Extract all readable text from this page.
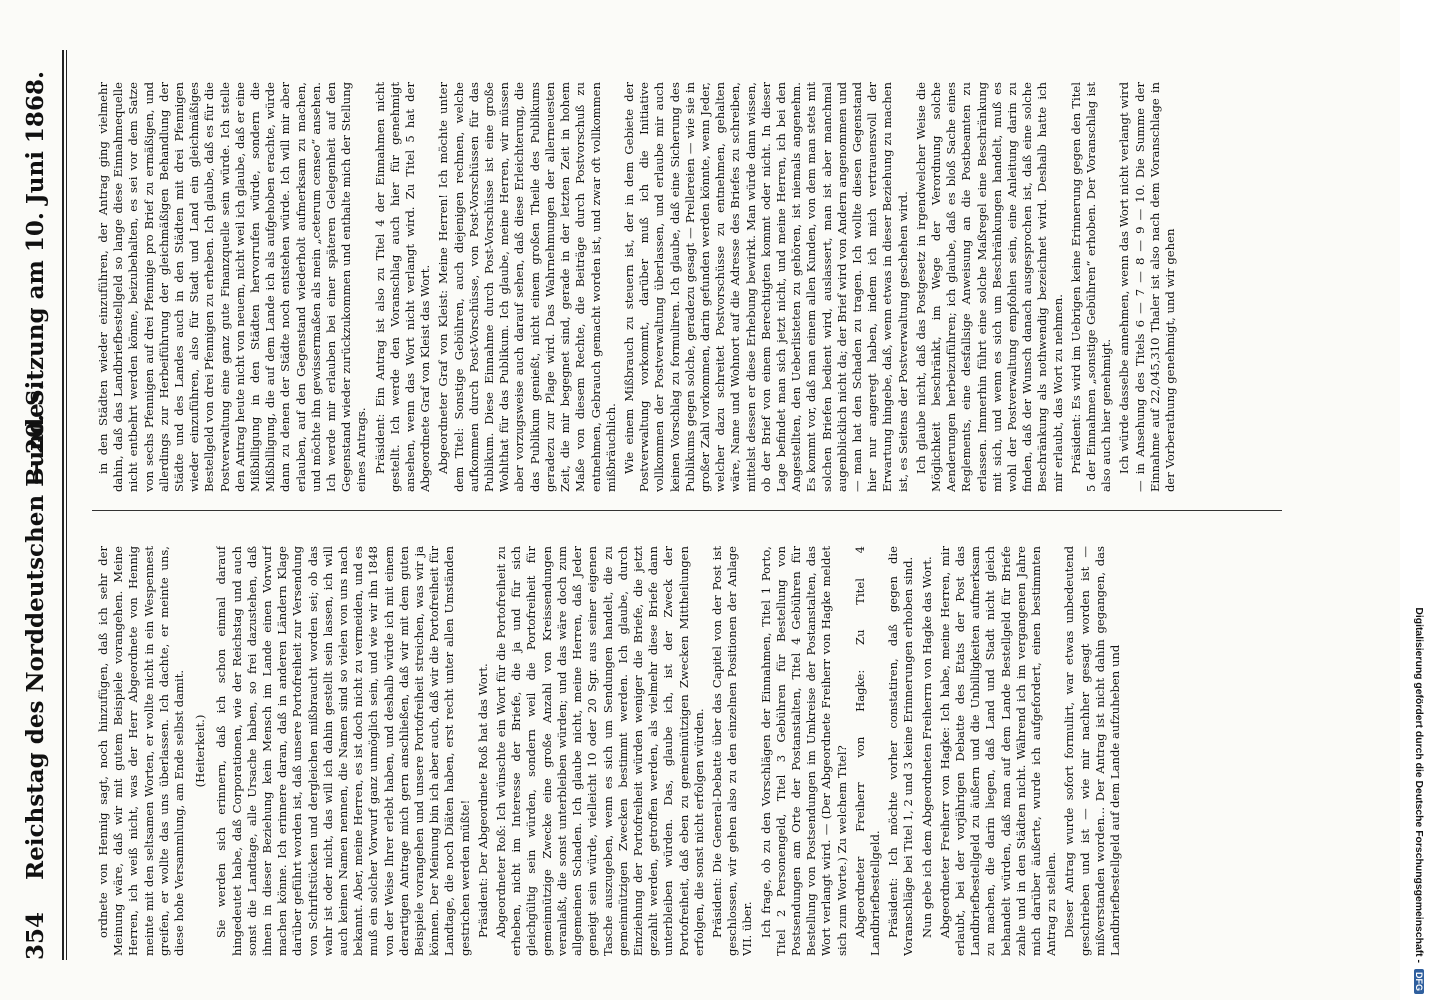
354
Reichstag des Norddeutschen Bundes.
— 20. Sitzung am 10. Juni 1868.

ordnete von Hennig sagt, noch hinzufügen, daß ich sehr der Meinung wäre, daß wir mit gutem Beispiele vorangehen. Meine Herren, ich weiß nicht, was der Herr Abgeordnete von Hennig meinte mit den seltsamen Worten, er wollte nicht in ein Wespennest greifen, er wollte das uns überlassen. Ich dachte, er meinte uns, diese hohe Versammlung, am Ende selbst damit. (Heiterkeit.) Sie werden sich erinnern, daß ich schon einmal darauf hingedeutet habe, daß Corporationen, wie der Reichstag und auch sonst die Landtage, alle Ursache haben, so frei dazustehen, daß ihnen in dieser Beziehung kein Mensch im Lande einen Vorwurf machen könne. Ich erinnere daran, daß in anderen Ländern Klage darüber geführt worden ist, daß unsere Portofreiheit zur Versendung von Schriftstücken und dergleichen mißbraucht worden sei; ob das wahr ist oder nicht, das will ich dahin gestellt sein lassen, ich will auch keinen Namen nennen, die Namen sind so vielen von uns nach bekannt. Aber, meine Herren, es ist doch nicht zu vermeiden, und es muß ein solcher Vorwurf ganz unmöglich sein, und wie wir ihn 1848 von der Weise Ihrer erlebt haben, und deshalb würde ich mit einem derartigen Antrage mich gern anschließen, daß wir mit dem guten Beispiele vorangehen und unsere Portofreiheit streichen, was wir ja können. Der Meinung bin ich aber auch, daß wir die Portofreiheit für Landtage, die noch Diäten haben, erst recht unter allen Umständen gestrichen werden müßte! Präsident: Der Abgeordnete Roß hat das Wort. Abgeordneter Roß: Ich wünschte ein Wort für die Portofreiheit zu erheben, nicht im Interesse der Briefe, die ja und für sich gleichgültig sein würden, sondern weil die Portofreiheit für gemeinnützige Zwecke eine große Anzahl von Kreissendungen veranlaßt, die sonst unterbleiben würden; und das wäre doch zum allgemeinen Schaden. Ich glaube nicht, meine Herren, daß Jeder geneigt sein würde, vielleicht 10 oder 20 Sgr. aus seiner eigenen Tasche auszugeben, wenn es sich um Sendungen handelt, die zu gemeinnützigen Zwecken bestimmt werden. Ich glaube, durch Einziehung der Portofreiheit würden weniger die Briefe, die jetzt gezahlt werden, getroffen werden, als vielmehr diese Briefe dann unterbleiben würden. Das, glaube ich, ist der Zweck der Portofreiheit, daß eben zu gemeinnützigen Zwecken Mittheilungen erfolgen, die sonst nicht erfolgen würden. Präsident: Die General-Debatte über das Capitel von der Post ist geschlossen, wir gehen also zu den einzelnen Positionen der Anlage VII. über. Ich frage, ob zu den Vorschlägen der Einnahmen, Titel 1 Porto, Titel 2 Personengeld, Titel 3 Gebühren für Bestellung von Postsendungen am Orte der Postanstalten, Titel 4 Gebühren für Bestellung von Postsendungen im Umkreise der Postanstalten, das Wort verlangt wird. — (Der Abgeordnete Freiherr von Hagke meldet sich zum Worte.) Zu welchem Titel? Abgeordneter Freiherr von Hagke: Zu Titel 4 Landbriefbestellgeld. Präsident: Ich möchte vorher constatiren, daß gegen die Voranschläge bei Titel 1, 2 und 3 keine Erinnerungen erhoben sind. Nun gebe ich dem Abgeordneten Freiherrn von Hagke das Wort. Abgeordneter Freiherr von Hagke: Ich habe, meine Herren, mir erlaubt, bei der vorjährigen Debatte des Etats der Post das Landbriefbestellgeld zu äußern und die Unbilligkeiten aufmerksam zu machen, die darin liegen, daß Land und Stadt nicht gleich behandelt würden, daß man auf dem Lande Bestellgeld für Briefe zahle und in den Städten nicht. Während ich im vergangenen Jahre mich darüber äußerte, wurde ich aufgefordert, einen bestimmten Antrag zu stellen. Dieser Antrag wurde sofort formulirt, war etwas unbedeutend geschrieben und ist — wie mir nachher gesagt worden ist — mißverstanden worden... Der Antrag ist nicht dahin gegangen, das Landbriefbestellgeld auf dem Lande aufzuheben und

in den Städten wieder einzuführen, der Antrag ging vielmehr dahin, daß das Landbriefbestellgeld so lange diese Einnahmequelle nicht entbehrt werden könne, beizubehalten, es sei vor dem Satze von sechs Pfennigen auf drei Pfennige pro Brief zu ermäßigen, und allerdings zur Herbeiführung der gleichmäßigen Behandlung der Städte und des Landes auch in den Städten mit drei Pfennigen wieder einzuführen, also für Stadt und Land ein gleichmäßiges Bestellgeld von drei Pfennigen zu erheben. Ich glaube, daß es für die Postverwaltung eine ganz gute Finanzquelle sein würde. Ich stelle den Antrag heute nicht von neuem, nicht weil ich glaube, daß er eine Mißbilligung in den Städten hervorrufen würde, sondern die Mißbilligung, die auf dem Lande ich als aufgehoben erachte, würde dann zu denen der Städte noch entstehen würde. Ich will mir aber erlauben, auf den Gegenstand wiederholt aufmerksam zu machen, und möchte ihn gewissermaßen als mein „ceterum censeo“ ansehen. Ich werde mir erlauben bei einer späteren Gelegenheit auf den Gegenstand wieder zurückzukommen und enthalte mich der Stellung eines Antrags. Präsident: Ein Antrag ist also zu Titel 4 der Einnahmen nicht gestellt. Ich werde den Voranschlag auch hier für genehmigt ansehen, wenn das Wort nicht verlangt wird. Zu Titel 5 hat der Abgeordnete Graf von Kleist das Wort. Abgeordneter Graf von Kleist: Meine Herren! Ich möchte unter dem Titel: Sonstige Gebühren, auch diejenigen rechnen, welche aufkommen durch Post-Vorschüsse, von Post-Vorschüssen für das Publikum. Diese Einnahme durch Post-Vorschüsse ist eine große Wohlthat für das Publikum. Ich glaube, meine Herren, wir müssen aber vorzugsweise auch darauf sehen, daß diese Erleichterung, die das Publikum genießt, nicht einem großen Theile des Publikums geradezu zur Plage wird. Das Wahrnehmungen der allerneuesten Zeit, die mir begegnet sind, gerade in der letzten Zeit in hohem Maße von diesem Rechte, die Beiträge durch Postvorschuß zu entnehmen, Gebrauch gemacht worden ist, und zwar oft vollkommen mißbräuchlich. Wie einem Mißbrauch zu steuern ist, der in dem Gebiete der Postverwaltung vorkommt, darüber muß ich die Initiative vollkommen der Postverwaltung überlassen, und erlaube mir auch keinen Vorschlag zu formuliren. Ich glaube, daß eine Sicherung des Publikums gegen solche, geradezu gesagt — Prellereien — wie sie in großer Zahl vorkommen, darin gefunden werden könnte, wenn Jeder, welcher dazu schreitet Postvorschüsse zu entnehmen, gehalten wäre, Name und Wohnort auf die Adresse des Briefes zu schreiben, mittelst dessen er diese Erhebung bewirkt. Man würde dann wissen, ob der Brief von einem Berechtigten kommt oder nicht. In dieser Lage befindet man sich jetzt nicht, und meine Herren, ich bei den Angestellten, den Ueberlisteten zu gehören, ist niemals angenehm. Es kommt vor, daß man einem allen Kunden, von dem man stets mit solchen Briefen bedient wird, auslassert, man ist aber manchmal augenblicklich nicht da; der Brief wird von Andern angenommen und — man hat den Schaden zu tragen. Ich wollte diesen Gegenstand hier nur angeregt haben, indem ich mich vertrauensvoll der Erwartung hingebe, daß, wenn etwas in dieser Beziehung zu machen ist, es Seitens der Postverwaltung geschehen wird. Ich glaube nicht, daß das Postgesetz in irgendwelcher Weise die Möglichkeit beschränkt, im Wege der Verordnung solche Aenderungen herbeizuführen; ich glaube, daß es bloß Sache eines Reglements, eine desfallsige Anweisung an die Postbeamten zu erlassen. Immerhin führt eine solche Maßregel eine Beschränkung mit sich, und wenn es sich um Beschränkungen handelt, muß es wohl der Postverwaltung empfohlen sein, eine Anleitung darin zu finden, daß der Wunsch danach ausgesprochen ist, daß eine solche Beschränkung als nothwendig bezeichnet wird. Deshalb hatte ich mir erlaubt, das Wort zu nehmen. Präsident: Es wird im Uebrigen keine Erinnerung gegen den Titel 5 der Einnahmen „sonstige Gebühren“ erhoben. Der Voranschlag ist also auch hier genehmigt. Ich würde dasselbe annehmen, wenn das Wort nicht verlangt wird — in Ansehung des Titels 6 — 7 — 8 — 9 — 10. Die Summe der Einnahme auf 22,045,310 Thaler ist also nach dem Voranschlage in der Vorberathung genehmigt, und wir gehen

Digitalisierung gefördert durch die Deutsche Forschungsgemeinschaft -DFG
